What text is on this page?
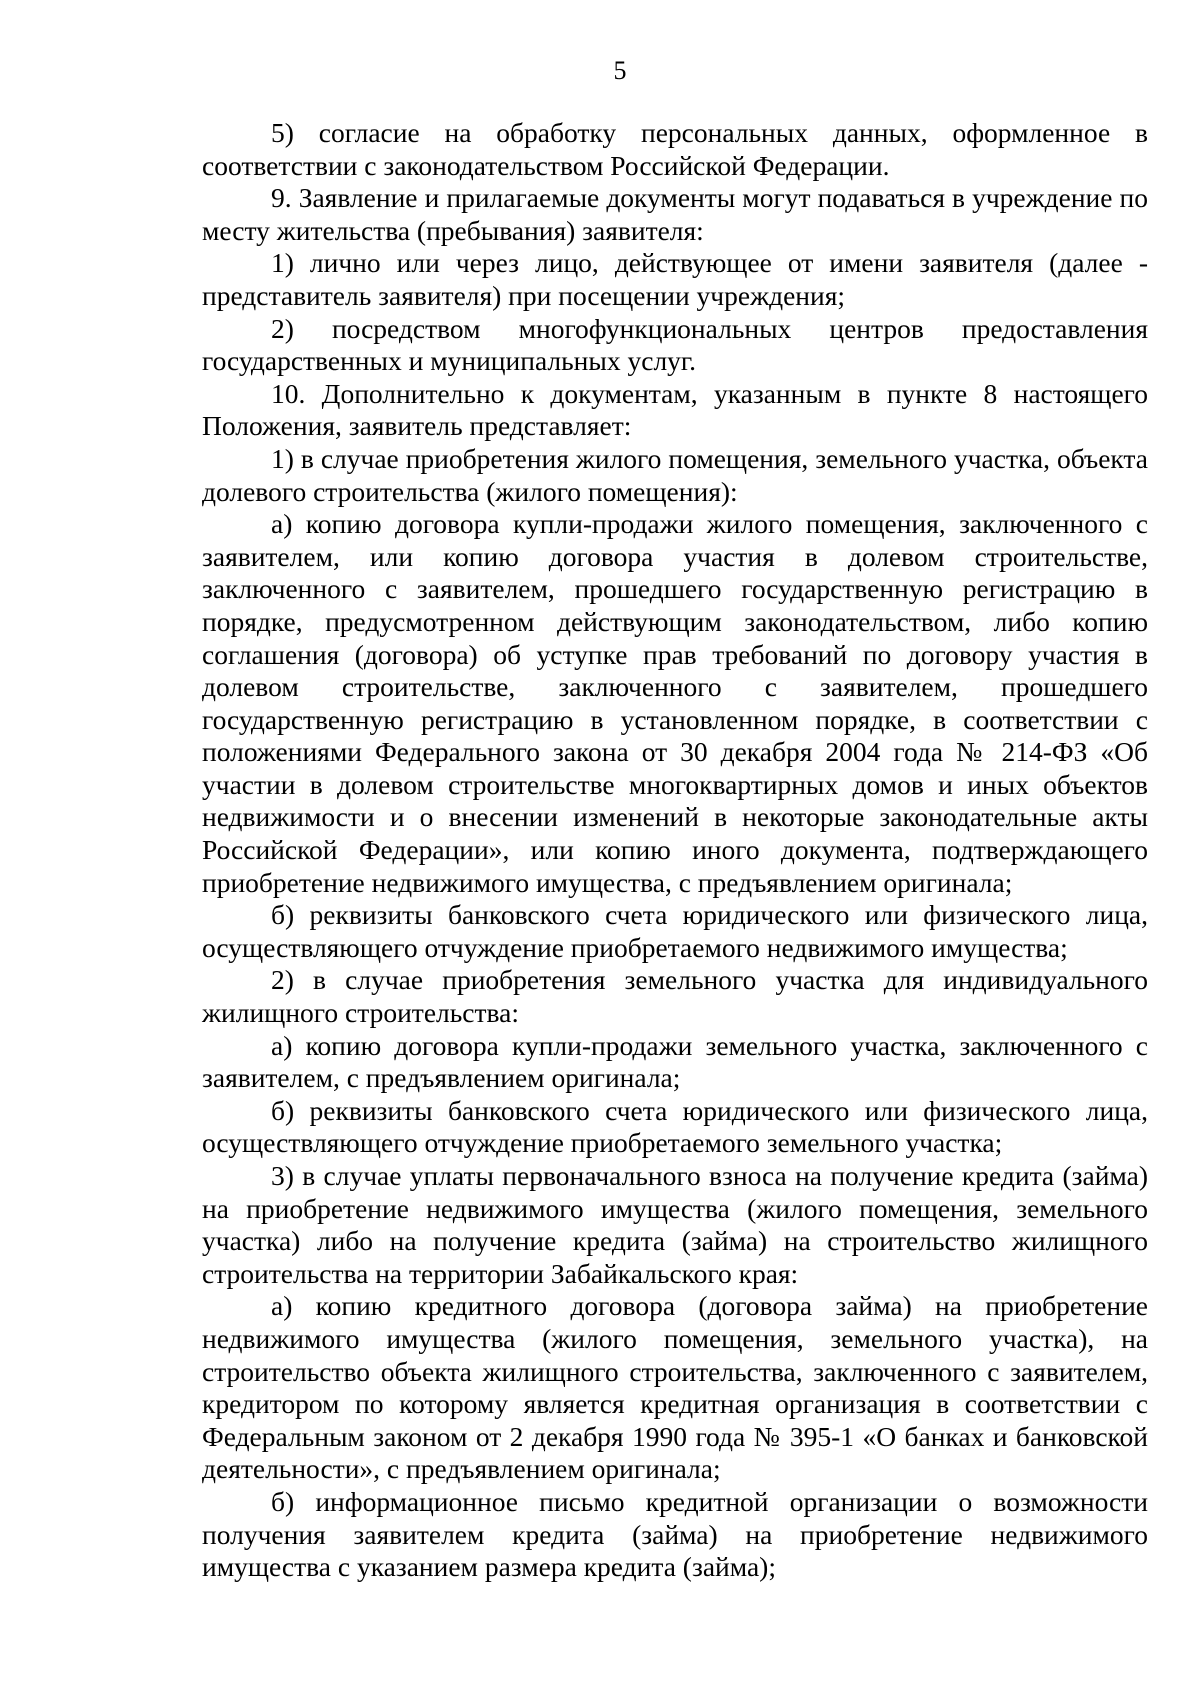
5

5) согласие на обработку персональных данных, оформленное в соответствии с законодательством Российской Федерации.

9. Заявление и прилагаемые документы могут подаваться в учреждение по месту жительства (пребывания) заявителя:

1) лично или через лицо, действующее от имени заявителя (далее - представитель заявителя) при посещении учреждения;

2) посредством многофункциональных центров предоставления государственных и муниципальных услуг.

10. Дополнительно к документам, указанным в пункте 8 настоящего Положения, заявитель представляет:

1) в случае приобретения жилого помещения, земельного участка, объекта долевого строительства (жилого помещения):

а) копию договора купли-продажи жилого помещения, заключенного с заявителем, или копию договора участия в долевом строительстве, заключенного с заявителем, прошедшего государственную регистрацию в порядке, предусмотренном действующим законодательством, либо копию соглашения (договора) об уступке прав требований по договору участия в долевом строительстве, заключенного с заявителем, прошедшего государственную регистрацию в установленном порядке, в соответствии с положениями Федерального закона от 30 декабря 2004 года № 214-ФЗ «Об участии в долевом строительстве многоквартирных домов и иных объектов недвижимости и о внесении изменений в некоторые законодательные акты Российской Федерации», или копию иного документа, подтверждающего приобретение недвижимого имущества, с предъявлением оригинала;

б) реквизиты банковского счета юридического или физического лица, осуществляющего отчуждение приобретаемого недвижимого имущества;

2) в случае приобретения земельного участка для индивидуального жилищного строительства:

а) копию договора купли-продажи земельного участка, заключенного с заявителем, с предъявлением оригинала;

б) реквизиты банковского счета юридического или физического лица, осуществляющего отчуждение приобретаемого земельного участка;

3) в случае уплаты первоначального взноса на получение кредита (займа) на приобретение недвижимого имущества (жилого помещения, земельного участка) либо на получение кредита (займа) на строительство жилищного строительства на территории Забайкальского края:

а) копию кредитного договора (договора займа) на приобретение недвижимого имущества (жилого помещения, земельного участка), на строительство объекта жилищного строительства, заключенного с заявителем, кредитором по которому является кредитная организация в соответствии с Федеральным законом от 2 декабря 1990 года № 395-1 «О банках и банковской деятельности», с предъявлением оригинала;

б) информационное письмо кредитной организации о возможности получения заявителем кредита (займа) на приобретение недвижимого имущества с указанием размера кредита (займа);
